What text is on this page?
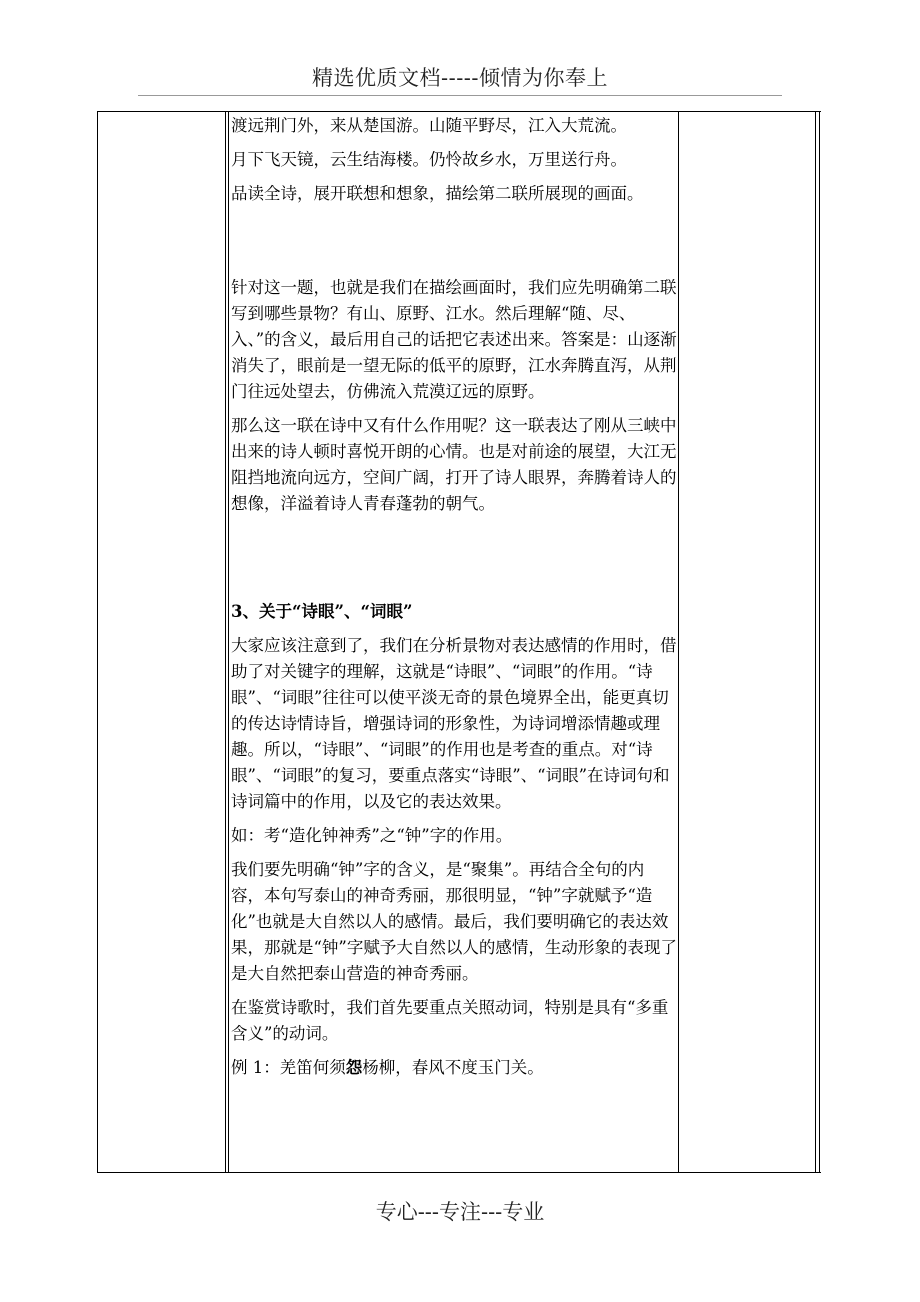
精选优质文档-----倾情为你奉上

渡远荆门外，来从楚国游。山随平野尽，江入大荒流。

月下飞天镜，云生结海楼。仍怜故乡水，万里送行舟。

品读全诗，展开联想和想象，描绘第二联所展现的画面。

针对这一题，也就是我们在描绘画面时，我们应先明确第二联写到哪些景物？有山、原野、江水。然后理解“随、尽、入、”的含义，最后用自己的话把它表述出来。答案是：山逐渐消失了，眼前是一望无际的低平的原野，江水奔腾直泻，从荆门往远处望去，仿佛流入荒漠辽远的原野。

那么这一联在诗中又有什么作用呢？这一联表达了刚从三峡中出来的诗人顿时喜悦开朗的心情。也是对前途的展望，大江无阻挡地流向远方，空间广阔，打开了诗人眼界，奔腾着诗人的想像，洋溢着诗人青春蓬勃的朝气。

3、关于“诗眼”、“词眼”

大家应该注意到了，我们在分析景物对表达感情的作用时，借助了对关键字的理解，这就是“诗眼”、“词眼”的作用。“诗眼”、“词眼”往往可以使平淡无奇的景色境界全出，能更真切的传达诗情诗旨，增强诗词的形象性，为诗词增添情趣或理趣。所以，“诗眼”、“词眼”的作用也是考查的重点。对“诗眼”、“词眼”的复习，要重点落实“诗眼”、“词眼”在诗词句和诗词篇中的作用，以及它的表达效果。

如：考“造化钟神秀”之“钟”字的作用。

我们要先明确“钟”字的含义，是“聚集”。再结合全句的内容，本句写泰山的神奇秀丽，那很明显，“钟”字就赋予“造化”也就是大自然以人的感情。最后，我们要明确它的表达效果，那就是“钟”字赋予大自然以人的感情，生动形象的表现了是大自然把泰山营造的神奇秀丽。

在鉴赏诗歌时，我们首先要重点关照动词，特别是具有“多重含义”的动词。

例 1：羌笛何须怨杨柳，春风不度玉门关。

专心---专注---专业
